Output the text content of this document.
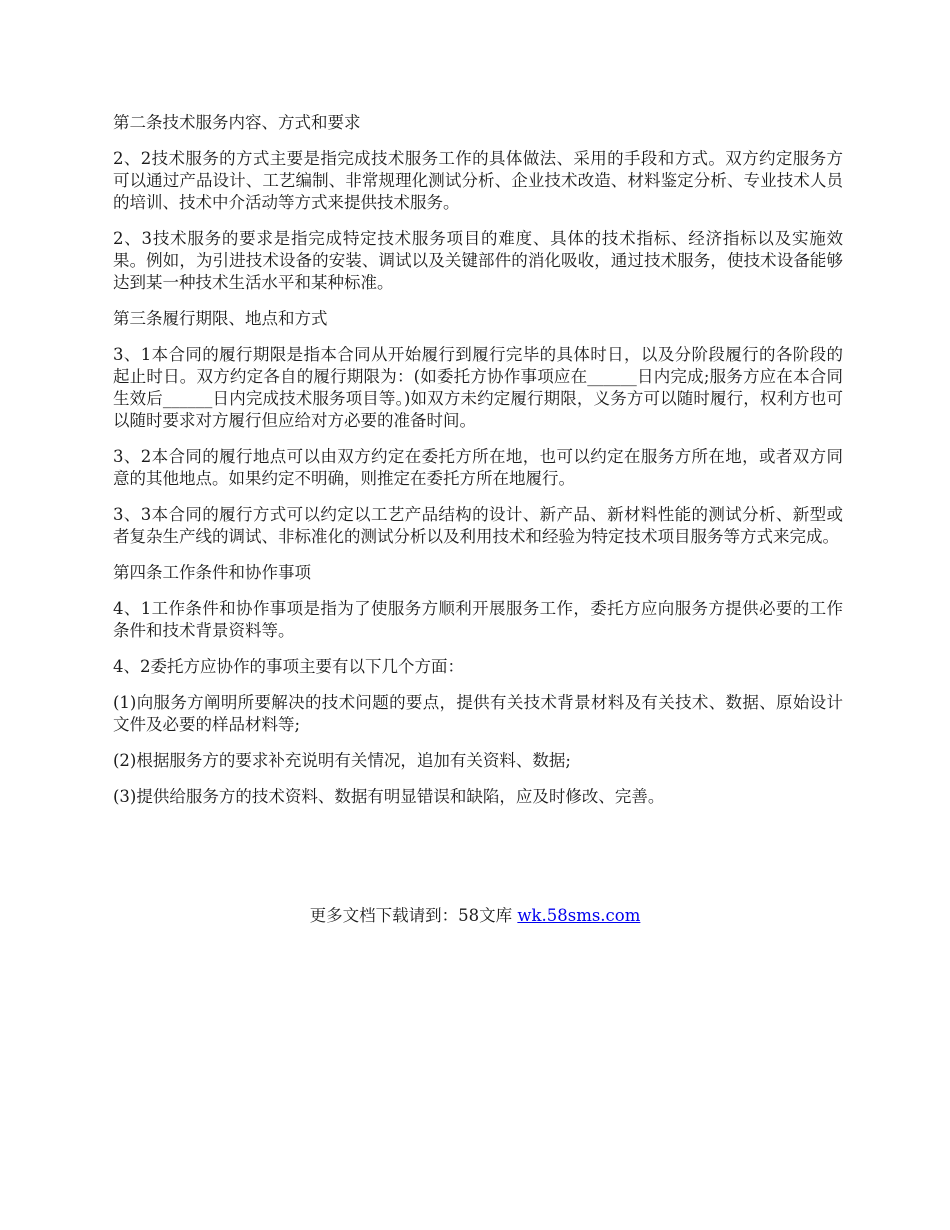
第二条技术服务内容、方式和要求

2、2技术服务的方式主要是指完成技术服务工作的具体做法、采用的手段和方式。双方约定服务方可以通过产品设计、工艺编制、非常规理化测试分析、企业技术改造、材料鉴定分析、专业技术人员的培训、技术中介活动等方式来提供技术服务。

2、3技术服务的要求是指完成特定技术服务项目的难度、具体的技术指标、经济指标以及实施效果。例如，为引进技术设备的安装、调试以及关键部件的消化吸收，通过技术服务，使技术设备能够达到某一种技术生活水平和某种标准。

第三条履行期限、地点和方式

3、1本合同的履行期限是指本合同从开始履行到履行完毕的具体时日，以及分阶段履行的各阶段的起止时日。双方约定各自的履行期限为：(如委托方协作事项应在______日内完成;服务方应在本合同生效后______日内完成技术服务项目等。)如双方未约定履行期限，义务方可以随时履行，权利方也可以随时要求对方履行但应给对方必要的准备时间。

3、2本合同的履行地点可以由双方约定在委托方所在地，也可以约定在服务方所在地，或者双方同意的其他地点。如果约定不明确，则推定在委托方所在地履行。

3、3本合同的履行方式可以约定以工艺产品结构的设计、新产品、新材料性能的测试分析、新型或者复杂生产线的调试、非标准化的测试分析以及利用技术和经验为特定技术项目服务等方式来完成。

第四条工作条件和协作事项

4、1工作条件和协作事项是指为了使服务方顺利开展服务工作，委托方应向服务方提供必要的工作条件和技术背景资料等。

4、2委托方应协作的事项主要有以下几个方面：

(1)向服务方阐明所要解决的技术问题的要点，提供有关技术背景材料及有关技术、数据、原始设计文件及必要的样品材料等;

(2)根据服务方的要求补充说明有关情况，追加有关资料、数据;

(3)提供给服务方的技术资料、数据有明显错误和缺陷，应及时修改、完善。

更多文档下载请到：58文库 wk.58sms.com
